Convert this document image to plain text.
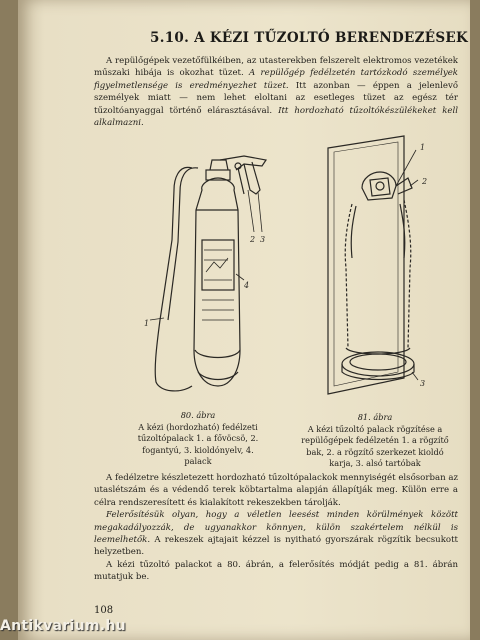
5.10. A KÉZI TŰZOLTÓ BERENDEZÉSEK
A repülőgépek vezetőfülkéiben, az utasterekben felszerelt elektromos vezetékek műszaki hibája is okozhat tüzet. A repülőgép fedélzetén tartózkodó személyek figyelmetlensége is eredményezhet tüzet. Itt azonban — éppen a jelenlevő személyek miatt — nem lehet eloltani az esetleges tüzet az egész tér tűzoltóanyaggal történő elárasztásával. Itt hordozható tűzoltókészülékeket kell alkalmazni.
1
4
2 3
1
2
3
80. ábra
A kézi (hordozható) fedélzeti tűzoltópalack 1. a fővöcsö, 2. fogantyú, 3. kioldónyelv, 4. palack
81. ábra
A kézi tűzoltó palack rögzítése a repülőgépek fedélzetén 1. a rögzítő bak, 2. a rögzítő szerkezet kioldó karja, 3. alsó tartóbak

A fedélzetre készletezett hordozható tűzoltópalackok mennyiségét elsősorban az utaslétszám és a védendő terek köbtartalma alapján állapítják meg. Külön erre a célra rendszeresített és kialakított rekeszekben tárolják.

Felerősítésük olyan, hogy a véletlen leesést minden körülmények között megakadályozzák, de ugyanakkor könnyen, külön szakértelem nélkül is leemelhetők. A rekeszek ajtajait kézzel is nyitható gyorszárak rögzítik becsukott helyzetben.

A kézi tűzoltó palackot a 80. ábrán, a felerősítés módját pedig a 81. ábrán mutatjuk be.

108
Antikvarium.hu
